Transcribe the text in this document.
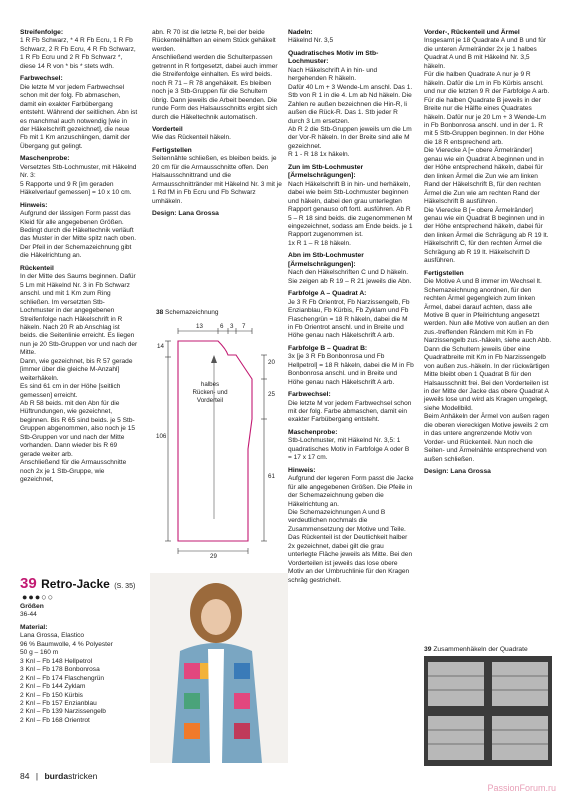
Streifenfolge:

1 R Fb Schwarz, * 4 R Fb Ecru, 1 R Fb Schwarz, 2 R Fb Ecru, 4 R Fb Schwarz, 1 R Fb Ecru und 2 R Fb Schwarz *, diese 14 R von * bis * stets wdh.

Farbwechsel:

Die letzte M vor jedem Farbwechsel schon mit der folg. Fb abmaschen, damit ein exakter Farbübergang entsteht. Während der seitlichen. Abn ist es manchmal auch notwendig [wie in der Häkelschrift gezeichnet], die neue Fb mit 1 Km anzuschlingen, damit der Übergang gut gelingt.

Maschenprobe:

Versetztes Stb-Lochmuster, mit Häkelnd Nr. 3:
5 Rapporte und 9 R [im geraden Häkelverlauf gemessen] = 10 x 10 cm.

Hinweis:

Aufgrund der lässigen Form passt das Kleid für alle angegebenen Größen. Bedingt durch die Häkeltechnik verläuft das Muster in der Mitte spitz nach oben. Der Pfeil in der Schemazeichnung gibt die Häkelrichtung an.

Rückenteil

In der Mitte des Saums beginnen. Dafür 5 Lm mit Häkelnd Nr. 3 in Fb Schwarz anschl. und mit 1 Km zum Ring schließen. Im versetzten Stb-Lochmuster in der angegebenen Streifenfolge nach Häkelschrift in R häkeln. Nach 20 R ab Anschlag ist beids. die Seitenlinie erreicht. Es liegen nun je 20 Stb-Gruppen vor und nach der Mitte.
Dann, wie gezeichnet, bis R 57 gerade [immer über die gleiche M-Anzahl] weiterhäkeln.
Es sind 61 cm in der Höhe [seitlich gemessen] erreicht.
Ab R 58 beids. mit den Abn für die Hüftrundungen, wie gezeichnet, beginnen. Bis R 65 sind beids. je 5 Stb-Gruppen abgenommen, also noch je 15 Stb-Gruppen vor und nach der Mitte vorhanden. Dann wieder bis R 69 gerade weiter arb.
Anschließend für die Armausschnitte noch 2x je 1 Stb-Gruppe, wie gezeichnet,

abn. R 70 ist die letzte R, bei der beide Rückenteilhälften an einem Stück gehäkelt werden.
Anschließend werden die Schulterpassen getrennt in R fortgesetzt, dabei auch immer die Streifenfolge einhalten. Es wird beids. noch R 71 – R 78 angehäkelt. Es bleiben noch je 3 Stb-Gruppen für die Schultern übrig. Dann jeweils die Arbeit beenden. Die runde Form des Halsausschnitts ergibt sich durch die Häkeltechnik automatisch.

Vorderteil

Wie das Rückenteil häkeln.

Fertigstellen

Seitennähte schließen, es bleiben beids. je 20 cm für die Armausschnitte offen. Den Halsausschnittrand und die Armausschnittränder mit Häkelnd Nr. 3 mit je 1 Rd fM in Fb Ecru und Fb Schwarz umhäkeln.

Design: Lana Grossa
38 Schemazeichnung
13	6 3 7
14
106
20
25
61
halbes Rücken- und Vorderteil
29
39 Retro-Jacke (S. 35)
●●●○○
Größen

36-44

Material:

Lana Grossa, Elastico
96 % Baumwolle, 4 % Polyester
50 g – 160 m
3 Knl – Fb 148 Hellpetrol
3 Knl – Fb 178 Bonbonrosa
2 Knl – Fb 174 Flaschengrün
2 Knl – Fb 144 Zyklam
2 Knl – Fb 150 Kürbis
2 Knl – Fb 157 Enzianblau
2 Knl – Fb 139 Narzissengelb
2 Knl – Fb 168 Orientrot

Nadeln:

Häkelnd Nr. 3,5

Quadratisches Motiv im Stb-Lochmuster:

Nach Häkelschrift A in hin- und hergehenden R häkeln.
Dafür 40 Lm + 3 Wende-Lm anschl. Das 1. Stb von R 1 in die 4. Lm ab Nd häkeln. Die Zahlen re außen bezeichnen die Hin-R, li außen die Rück-R. Das 1. Stb jeder R durch 3 Lm ersetzen.
Ab R 2 die Stb-Gruppen jeweils um die Lm der Vor-R häkeln. In der Breite sind alle M gezeichnet.
R 1 - R 18 1x häkeln.

Zun im Stb-Lochmuster [Ärmelschrägungen]:

Nach Häkelschrift B in hin- und herhäkeln, dabei wie beim Stb-Lochmuster beginnen und häkeln, dabei den grau unterlegten Rapport genauso oft fortl. ausführen. Ab R 5 – R 18 sind beids. die zugenommenen M eingezeichnet, sodass am Ende beids. je 1 Rapport zugenommen ist.
1x R 1 – R 18 häkeln.

Abn im Stb-Lochmuster [Ärmelschrägungen]:

Nach den Häkelschriften C und D häkeln. Sie zeigen ab R 19 – R 21 jeweils die Abn.

Farbfolge A – Quadrat A:

Je 3 R Fb Orientrot, Fb Narzissengelb, Fb Enzianblau, Fb Kürbis, Fb Zyklam und Fb Flaschengrün = 18 R häkeln, dabei die M in Fb Orientrot anschl. und in Breite und Höhe genau nach Häkelschrift A arb.

Farbfolge B – Quadrat B:

3x [je 3 R Fb Bonbonrosa und Fb Hellpetrol] = 18 R häkeln, dabei die M in Fb Bonbonrosa anschl. und in Breite und Höhe genau nach Häkelschrift A arb.

Farbwechsel:

Die letzte M vor jedem Farbwechsel schon mit der folg. Farbe abmaschen, damit ein exakter Farbübergang entsteht.

Maschenprobe:

Stb-Lochmuster, mit Häkelnd Nr. 3,5: 1 quadratisches Motiv in Farbfolge A oder B = 17 x 17 cm.

Hinweis:

Aufgrund der legeren Form passt die Jacke für alle angegebenen Größen. Die Pfeile in der Schemazeichnung geben die Häkelrichtung an.
Die Schemazeichnungen A und B verdeutlichen nochmals die Zusammensetzung der Motive und Teile. Das Rückenteil ist der Deutlichkeit halber 2x gezeichnet, dabei gilt die grau unterlegte Fläche jeweils als Mitte. Bei den Vorderteilen ist jeweils das lose obere Motiv an der Umbruchlinie für den Kragen schräg gestrichelt.

Vorder-, Rückenteil und Ärmel

Insgesamt je 18 Quadrate A und B und für die unteren Ärmelränder 2x je 1 halbes Quadrat A und B mit Häkelnd Nr. 3,5 häkeln.
Für die halben Quadrate A nur je 9 R häkeln. Dafür die Lm in Fb Kürbis anschl. und nur die letzten 9 R der Farbfolge A arb.
Für die halben Quadrate B jeweils in der Breite nur die Hälfte eines Quadrates häkeln. Dafür nur je 20 Lm + 3 Wende-Lm in Fb Bonbonrosa anschl. und in der 1. R mit 5 Stb-Gruppen beginnen. In der Höhe die 18 R entsprechend arb.
Die Vierecke A [= obere Ärmelränder] genau wie ein Quadrat A beginnen und in der Höhe entsprechend häkeln, dabei für den linken Ärmel die Zun wie am linken Rand der Häkelschrift B, für den rechten Ärmel die Zun wie am rechten Rand der Häkelschrift B ausführen.
Die Vierecke B [= obere Ärmelränder] genau wie ein Quadrat B beginnen und in der Höhe entsprechend häkeln, dabei für den linken Ärmel die Schrägung ab R 19 lt. Häkelschrift C, für den rechten Ärmel die Schrägung ab R 19 lt. Häkelschrift D ausführen.

Fertigstellen

Die Motive A und B immer im Wechsel lt. Schemazeichnung anordnen, für den rechten Ärmel gegengleich zum linken Ärmel, dabei darauf achten, dass alle Motive B quer in Pfeilrichtung angesetzt werden. Nun alle Motive von außen an den zus.-treffenden Rändern mit Km in Fb Narzissengelb zus.-häkeln, siehe auch Abb.
Dann die Schultern jeweils über eine Quadratbreite mit Km in Fb Narzissengelb von außen zus.-häkeln. In der rückwärtigen Mitte bleibt oben 1 Quadrat B für den Halsausschnitt frei. Bei den Vorderteilen ist in der Mitte der Jacke das obere Quadrat A jeweils lose und wird als Kragen umgelegt, siehe Modellbild.
Beim Anhäkeln der Ärmel von außen ragen die oberen viereckigen Motive jeweils 2 cm in das untere angrenzende Motiv von Vorder- und Rückenteil. Nun noch die Seiten- und Ärmelnähte entsprechend von außen schließen.

Design: Lana Grossa
39 Zusammenhäkeln der Quadrate
84 | burdastricken
PassionForum.ru
